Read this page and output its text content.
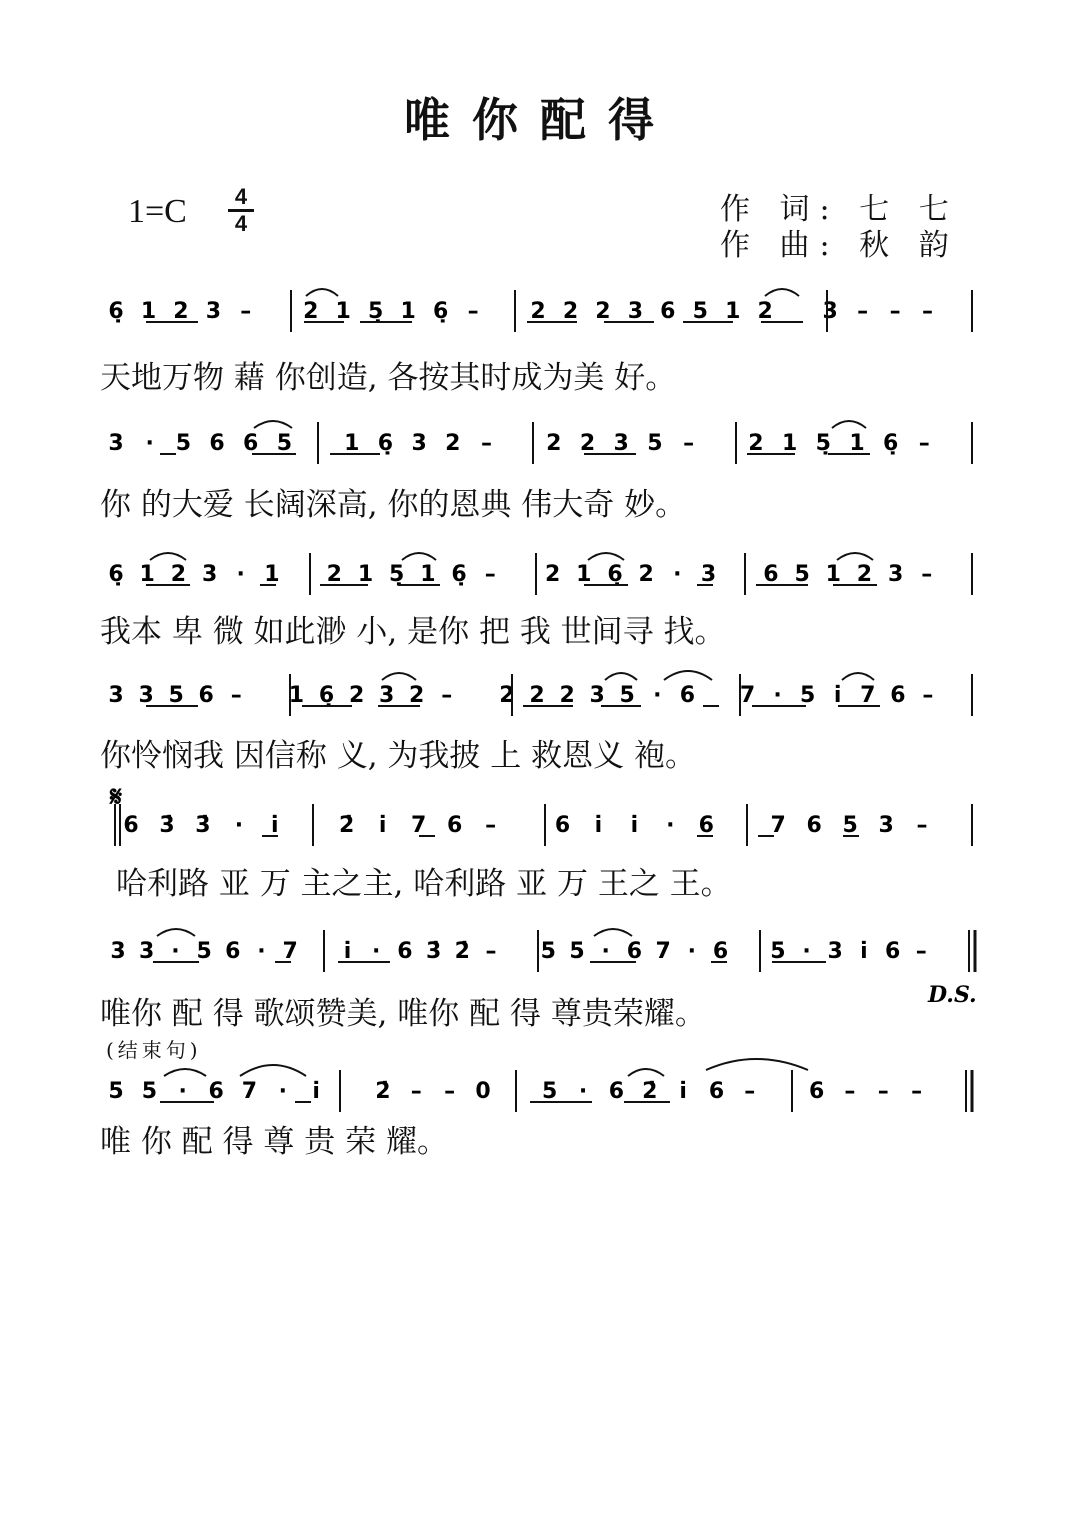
唯你配得
1=C	4
4	作 词: 七 七
作 曲: 秋 韵
𝄋
D.S.
6̣ 1 2 3 – 2 1 5̣ 1 6̣ – 2 2 2 3 6 5 1 2 3 – – –
3 · 5 6 6 5 1 6̣ 3 2 – 2 2 3 5 – 2 1 5̣ 1 6̣ –
6̣ 1 2 3 · 1 2 1 5̣ 1 6̣ – 2 1 6̣ 2 · 3 6 5 1 2 3 –
3 3 5 6 – 1 6̣ 2 3 2 – 2 2 2 3 5 · 6 7 · 5 i̇ 7 6 –
6 3̇ 3̇ · i̇	2̇ i̇ 7 6 –	6 i̇ i̇ · 6	7 6 5 3 –
3 3 · 5 6 · 7 i̇ · 6 3̇ 2̇ – 5 5 · 6 7 · 6 5 · 3 i̇ 6 –
5 5 · 6 7 · i̇	2̇ – – 0 5 · 6 2̇ i̇ 6 – 6 – – –
天地万物 藉 你创造, 各按其时成为美 好。
你 的大爱 长阔深高, 你的恩典 伟大奇 妙。
我本 卑 微 如此渺 小, 是你 把 我 世间寻 找。
你怜悯我 因信称 义, 为我披 上 救恩义 袍。
哈利路 亚 万 主之主, 哈利路 亚 万 王之 王。
唯你 配 得 歌颂赞美, 唯你 配 得 尊贵荣耀。
(结束句)
唯 你 配 得 尊 贵 荣 耀。
